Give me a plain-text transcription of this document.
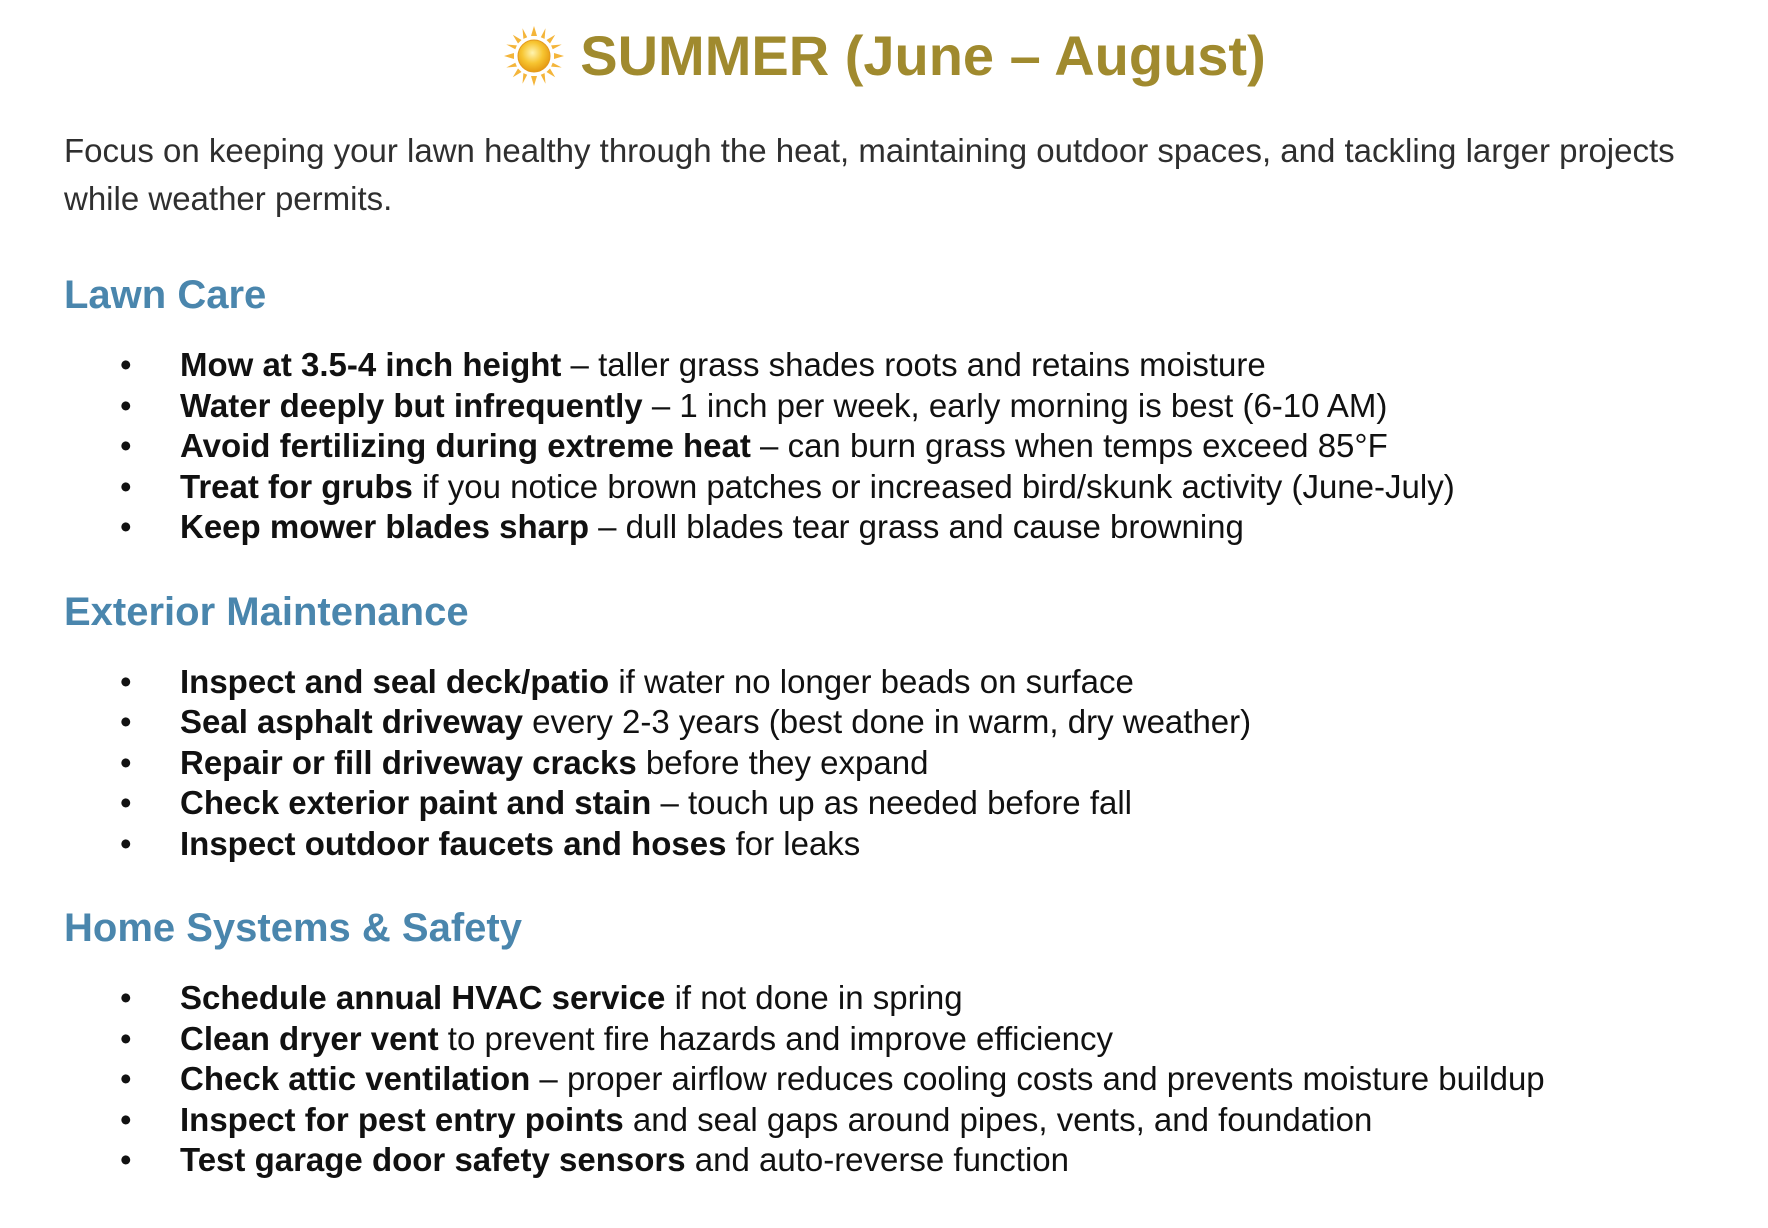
SUMMER (June – August)

Focus on keeping your lawn healthy through the heat, maintaining outdoor spaces, and tackling larger projects while weather permits.

Lawn Care
• Mow at 3.5-4 inch height – taller grass shades roots and retains moisture
• Water deeply but infrequently – 1 inch per week, early morning is best (6-10 AM)
• Avoid fertilizing during extreme heat – can burn grass when temps exceed 85°F
• Treat for grubs if you notice brown patches or increased bird/skunk activity (June-July)
• Keep mower blades sharp – dull blades tear grass and cause browning
Exterior Maintenance
• Inspect and seal deck/patio if water no longer beads on surface
• Seal asphalt driveway every 2-3 years (best done in warm, dry weather)
• Repair or fill driveway cracks before they expand
• Check exterior paint and stain – touch up as needed before fall
• Inspect outdoor faucets and hoses for leaks
Home Systems & Safety
• Schedule annual HVAC service if not done in spring
• Clean dryer vent to prevent fire hazards and improve efficiency
• Check attic ventilation – proper airflow reduces cooling costs and prevents moisture buildup
• Inspect for pest entry points and seal gaps around pipes, vents, and foundation
• Test garage door safety sensors and auto-reverse function
